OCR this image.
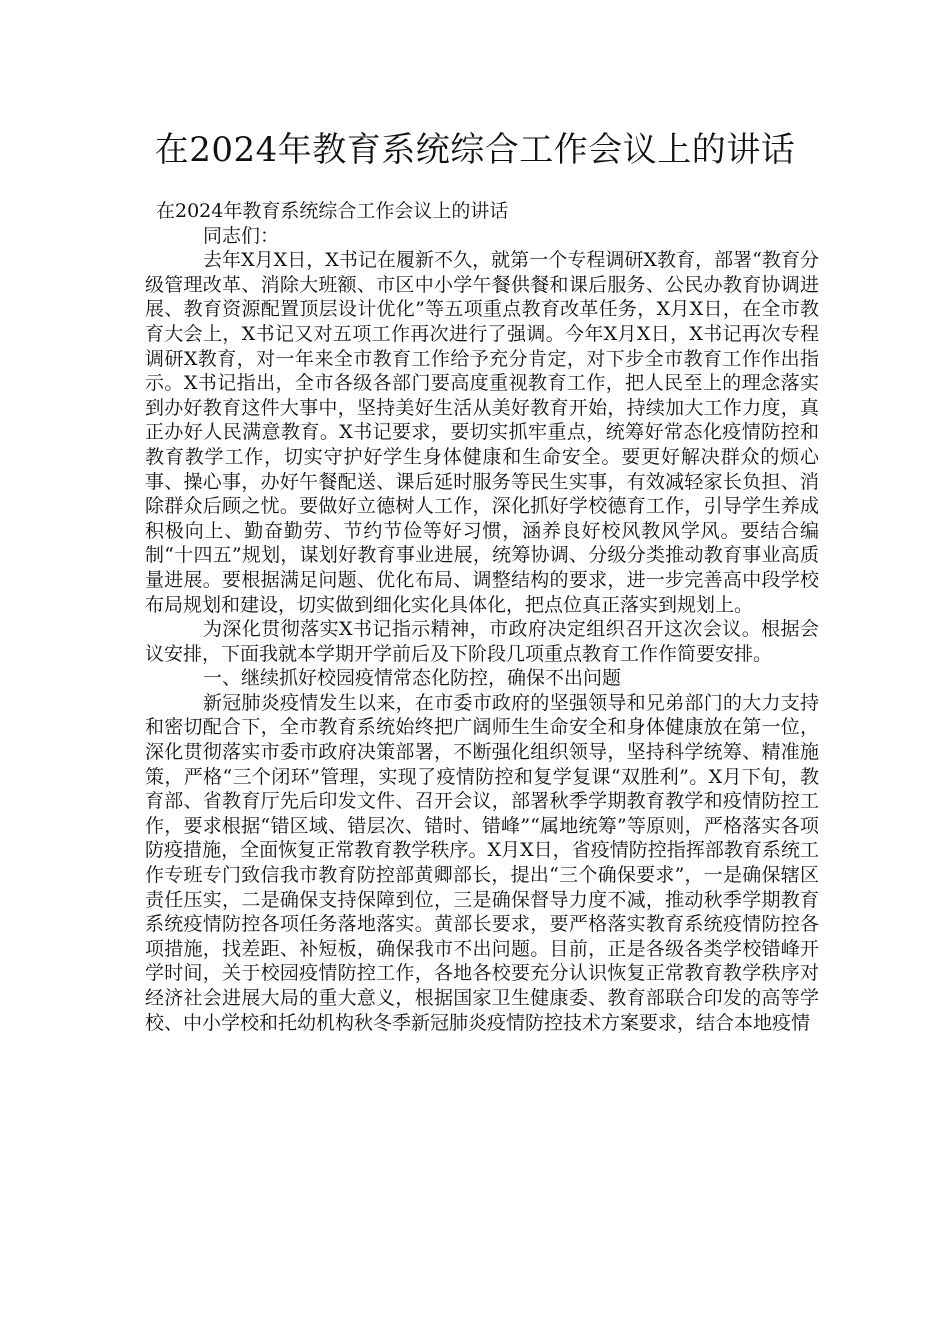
在2024年教育系统综合工作会议上的讲话

在2024年教育系统综合工作会议上的讲话

同志们：

去年X月X日，X书记在履新不久，就第一个专程调研X教育，部署“教育分级管理改革、消除大班额、市区中小学午餐供餐和课后服务、公民办教育协调进展、教育资源配置顶层设计优化”等五项重点教育改革任务，X月X日，在全市教育大会上，X书记又对五项工作再次进行了强调。今年X月X日，X书记再次专程调研X教育，对一年来全市教育工作给予充分肯定，对下步全市教育工作作出指示。X书记指出，全市各级各部门要高度重视教育工作，把人民至上的理念落实到办好教育这件大事中，坚持美好生活从美好教育开始，持续加大工作力度，真正办好人民满意教育。X书记要求，要切实抓牢重点，统筹好常态化疫情防控和教育教学工作，切实守护好学生身体健康和生命安全。要更好解决群众的烦心事、操心事，办好午餐配送、课后延时服务等民生实事，有效减轻家长负担、消除群众后顾之忧。要做好立德树人工作，深化抓好学校德育工作，引导学生养成积极向上、勤奋勤劳、节约节俭等好习惯，涵养良好校风教风学风。要结合编制“十四五”规划，谋划好教育事业进展，统筹协调、分级分类推动教育事业高质量进展。要根据满足问题、优化布局、调整结构的要求，进一步完善高中段学校布局规划和建设，切实做到细化实化具体化，把点位真正落实到规划上。

为深化贯彻落实X书记指示精神，市政府决定组织召开这次会议。根据会议安排，下面我就本学期开学前后及下阶段几项重点教育工作作简要安排。

一、继续抓好校园疫情常态化防控，确保不出问题

新冠肺炎疫情发生以来，在市委市政府的坚强领导和兄弟部门的大力支持和密切配合下，全市教育系统始终把广阔师生生命安全和身体健康放在第一位，深化贯彻落实市委市政府决策部署，不断强化组织领导，坚持科学统筹、精准施策，严格“三个闭环”管理，实现了疫情防控和复学复课“双胜利”。X月下旬，教育部、省教育厅先后印发文件、召开会议，部署秋季学期教育教学和疫情防控工作，要求根据“错区域、错层次、错时、错峰”“属地统筹”等原则，严格落实各项防疫措施，全面恢复正常教育教学秩序。X月X日，省疫情防控指挥部教育系统工作专班专门致信我市教育防控部黄卿部长，提出“三个确保要求”，一是确保辖区责任压实，二是确保支持保障到位，三是确保督导力度不减，推动秋季学期教育系统疫情防控各项任务落地落实。黄部长要求，要严格落实教育系统疫情防控各项措施，找差距、补短板，确保我市不出问题。目前，正是各级各类学校错峰开学时间，关于校园疫情防控工作，各地各校要充分认识恢复正常教育教学秩序对经济社会进展大局的重大意义，根据国家卫生健康委、教育部联合印发的高等学校、中小学校和托幼机构秋冬季新冠肺炎疫情防控技术方案要求，结合本地疫情
